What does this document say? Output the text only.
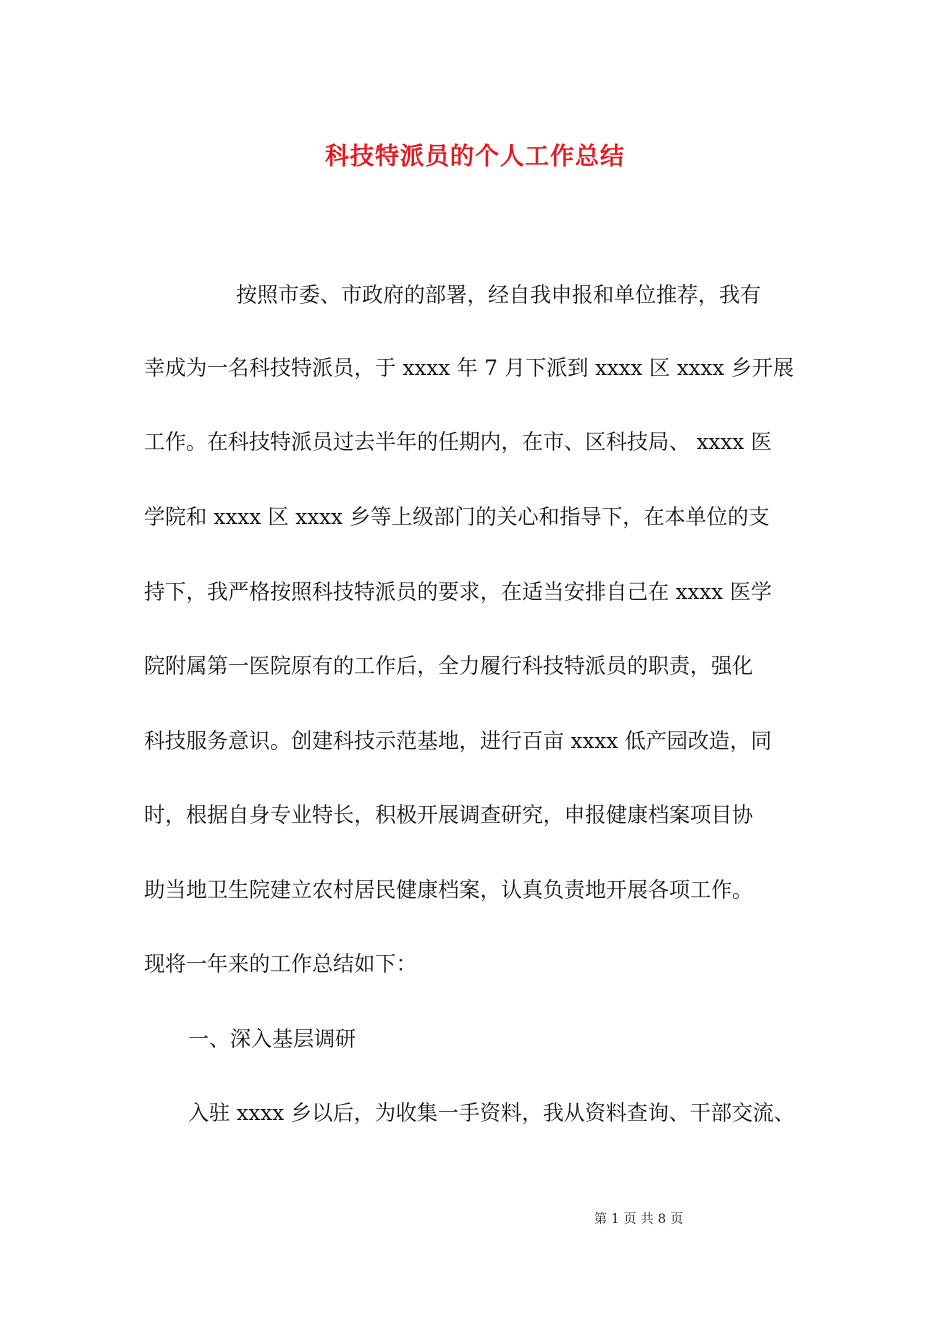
科技特派员的个人工作总结

按照市委、市政府的部署，经自我申报和单位推荐，我有

幸成为一名科技特派员，于 xxxx 年 7 月下派到 xxxx 区 xxxx 乡开展

工作。在科技特派员过去半年的任期内，在市、区科技局、 xxxx 医

学院和 xxxx 区 xxxx 乡等上级部门的关心和指导下，在本单位的支

持下，我严格按照科技特派员的要求，在适当安排自己在 xxxx 医学

院附属第一医院原有的工作后，全力履行科技特派员的职责，强化

科技服务意识。创建科技示范基地，进行百亩 xxxx 低产园改造，同

时，根据自身专业特长，积极开展调查研究，申报健康档案项目协

助当地卫生院建立农村居民健康档案，认真负责地开展各项工作。

现将一年来的工作总结如下：

一、深入基层调研

入驻 xxxx 乡以后，为收集一手资料，我从资料查询、干部交流、

第 1 页 共 8 页
